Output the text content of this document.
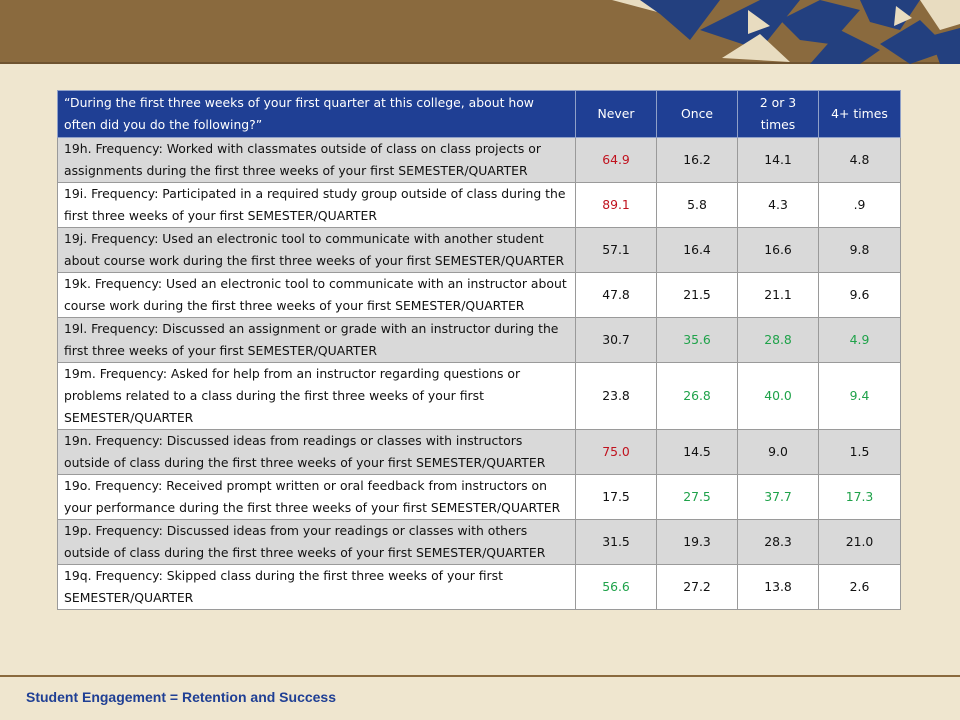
“During the first three weeks of your first quarter at this college, about how often did you do the following?”	Never	Once	2 or 3 times	4+ times
19h. Frequency: Worked with classmates outside of class on class projects or assignments during the first three weeks of your first SEMESTER/QUARTER	64.9	16.2	14.1	4.8
19i. Frequency: Participated in a required study group outside of class during the first three weeks of your first SEMESTER/QUARTER	89.1	5.8	4.3	.9
19j. Frequency: Used an electronic tool to communicate with another student about course work during the first three weeks of your first SEMESTER/QUARTER	57.1	16.4	16.6	9.8
19k. Frequency: Used an electronic tool to communicate with an instructor about course work during the first three weeks of your first SEMESTER/QUARTER	47.8	21.5	21.1	9.6
19l. Frequency: Discussed an assignment or grade with an instructor during the first three weeks of your first SEMESTER/QUARTER	30.7	35.6	28.8	4.9
19m. Frequency: Asked for help from an instructor regarding questions or problems related to a class during the first three weeks of your first SEMESTER/QUARTER	23.8	26.8	40.0	9.4
19n. Frequency: Discussed ideas from readings or classes with instructors outside of class during the first three weeks of your first SEMESTER/QUARTER	75.0	14.5	9.0	1.5
19o. Frequency: Received prompt written or oral feedback from instructors on your performance during the first three weeks of your first SEMESTER/QUARTER	17.5	27.5	37.7	17.3
19p. Frequency: Discussed ideas from your readings or classes with others outside of class during the first three weeks of your first SEMESTER/QUARTER	31.5	19.3	28.3	21.0
19q. Frequency: Skipped class during the first three weeks of your first SEMESTER/QUARTER	56.6	27.2	13.8	2.6
Student Engagement = Retention and Success
